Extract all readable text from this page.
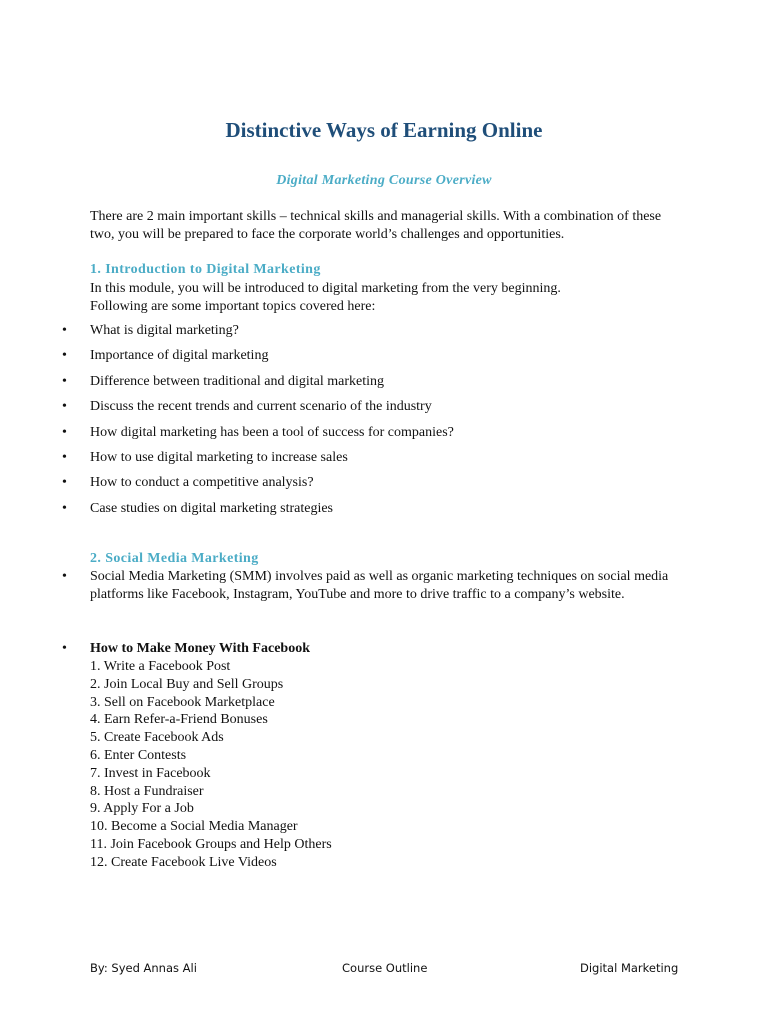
Distinctive Ways of Earning Online
Digital Marketing Course Overview
There are 2 main important skills – technical skills and managerial skills. With a combination of these two, you will be prepared to face the corporate world’s challenges and opportunities.
1. Introduction to Digital Marketing
In this module, you will be introduced to digital marketing from the very beginning.
Following are some important topics covered here:
• What is digital marketing?
• Importance of digital marketing
• Difference between traditional and digital marketing
• Discuss the recent trends and current scenario of the industry
• How digital marketing has been a tool of success for companies?
• How to use digital marketing to increase sales
• How to conduct a competitive analysis?
• Case studies on digital marketing strategies
2. Social Media Marketing
• Social Media Marketing (SMM) involves paid as well as organic marketing techniques on social media platforms like Facebook, Instagram, YouTube and more to drive traffic to a company’s website.
• How to Make Money With Facebook
1. Write a Facebook Post
2. Join Local Buy and Sell Groups
3. Sell on Facebook Marketplace
4. Earn Refer-a-Friend Bonuses
5. Create Facebook Ads
6. Enter Contests
7. Invest in Facebook
8. Host a Fundraiser
9. Apply For a Job
10. Become a Social Media Manager
11. Join Facebook Groups and Help Others
12. Create Facebook Live Videos
By: Syed Annas Ali	Course Outline	Digital Marketing
